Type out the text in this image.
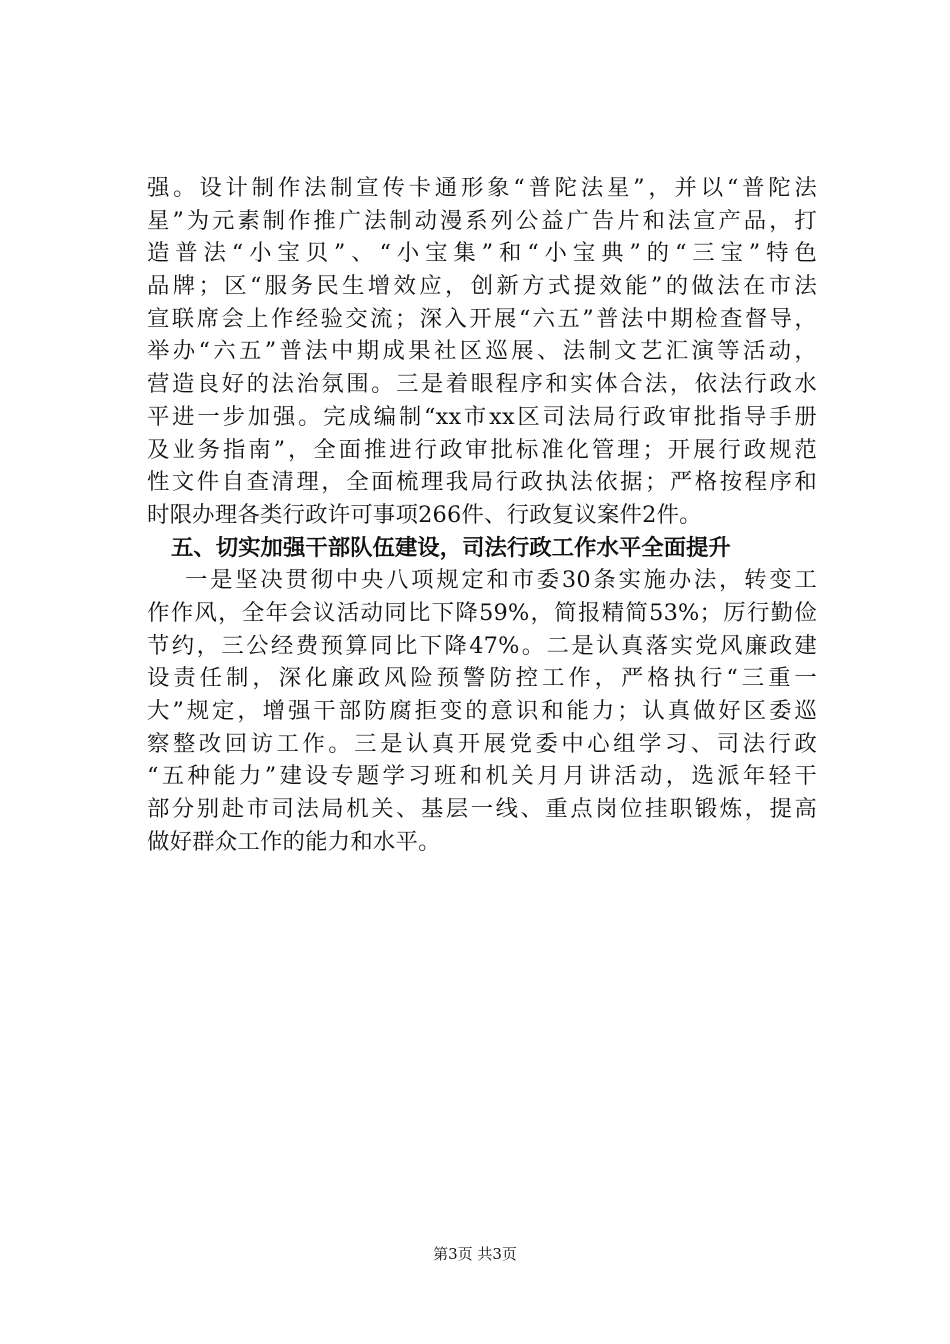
强。设计制作法制宣传卡通形象“普陀法星”，并以“普陀法
星”为元素制作推广法制动漫系列公益广告片和法宣产品，打
造普法“小宝贝”、“小宝集”和“小宝典”的“三宝”特色
品牌；区“服务民生增效应，创新方式提效能”的做法在市法
宣联席会上作经验交流；深入开展“六五”普法中期检查督导，
举办“六五”普法中期成果社区巡展、法制文艺汇演等活动，
营造良好的法治氛围。三是着眼程序和实体合法，依法行政水
平进一步加强。完成编制“xx市xx区司法局行政审批指导手册
及业务指南”，全面推进行政审批标准化管理；开展行政规范
性文件自查清理，全面梳理我局行政执法依据；严格按程序和
时限办理各类行政许可事项266件、行政复议案件2件。
五、切实加强干部队伍建设，司法行政工作水平全面提升
一是坚决贯彻中央八项规定和市委30条实施办法，转变工
作作风，全年会议活动同比下降59%，简报精简53%；厉行勤俭
节约，三公经费预算同比下降47%。二是认真落实党风廉政建
设责任制，深化廉政风险预警防控工作，严格执行“三重一
大”规定，增强干部防腐拒变的意识和能力；认真做好区委巡
察整改回访工作。三是认真开展党委中心组学习、司法行政
“五种能力”建设专题学习班和机关月月讲活动，选派年轻干
部分别赴市司法局机关、基层一线、重点岗位挂职锻炼，提高
做好群众工作的能力和水平。
第3页 共3页
